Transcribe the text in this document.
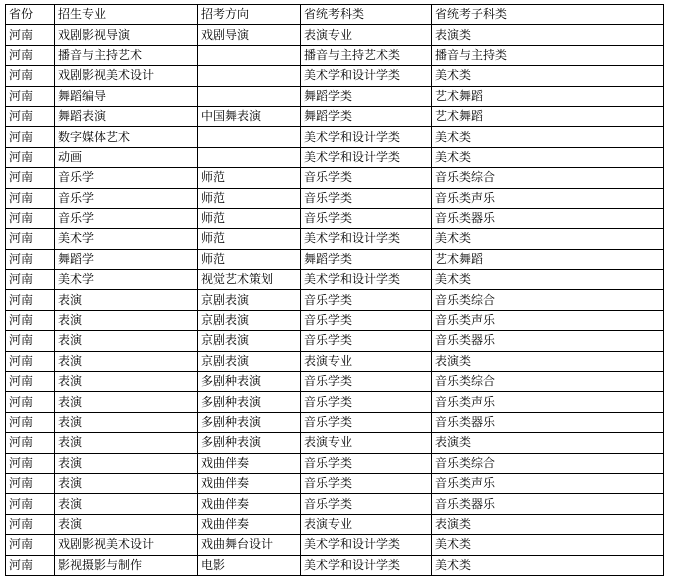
省份	招生专业	招考方向	省统考科类	省统考子科类
河南	戏剧影视导演	戏剧导演	表演专业	表演类
河南	播音与主持艺术		播音与主持艺术类	播音与主持类
河南	戏剧影视美术设计		美术学和设计学类	美术类
河南	舞蹈编导		舞蹈学类	艺术舞蹈
河南	舞蹈表演	中国舞表演	舞蹈学类	艺术舞蹈
河南	数字媒体艺术		美术学和设计学类	美术类
河南	动画		美术学和设计学类	美术类
河南	音乐学	师范	音乐学类	音乐类综合
河南	音乐学	师范	音乐学类	音乐类声乐
河南	音乐学	师范	音乐学类	音乐类器乐
河南	美术学	师范	美术学和设计学类	美术类
河南	舞蹈学	师范	舞蹈学类	艺术舞蹈
河南	美术学	视觉艺术策划	美术学和设计学类	美术类
河南	表演	京剧表演	音乐学类	音乐类综合
河南	表演	京剧表演	音乐学类	音乐类声乐
河南	表演	京剧表演	音乐学类	音乐类器乐
河南	表演	京剧表演	表演专业	表演类
河南	表演	多剧种表演	音乐学类	音乐类综合
河南	表演	多剧种表演	音乐学类	音乐类声乐
河南	表演	多剧种表演	音乐学类	音乐类器乐
河南	表演	多剧种表演	表演专业	表演类
河南	表演	戏曲伴奏	音乐学类	音乐类综合
河南	表演	戏曲伴奏	音乐学类	音乐类声乐
河南	表演	戏曲伴奏	音乐学类	音乐类器乐
河南	表演	戏曲伴奏	表演专业	表演类
河南	戏剧影视美术设计	戏曲舞台设计	美术学和设计学类	美术类
河南	影视摄影与制作	电影	美术学和设计学类	美术类
